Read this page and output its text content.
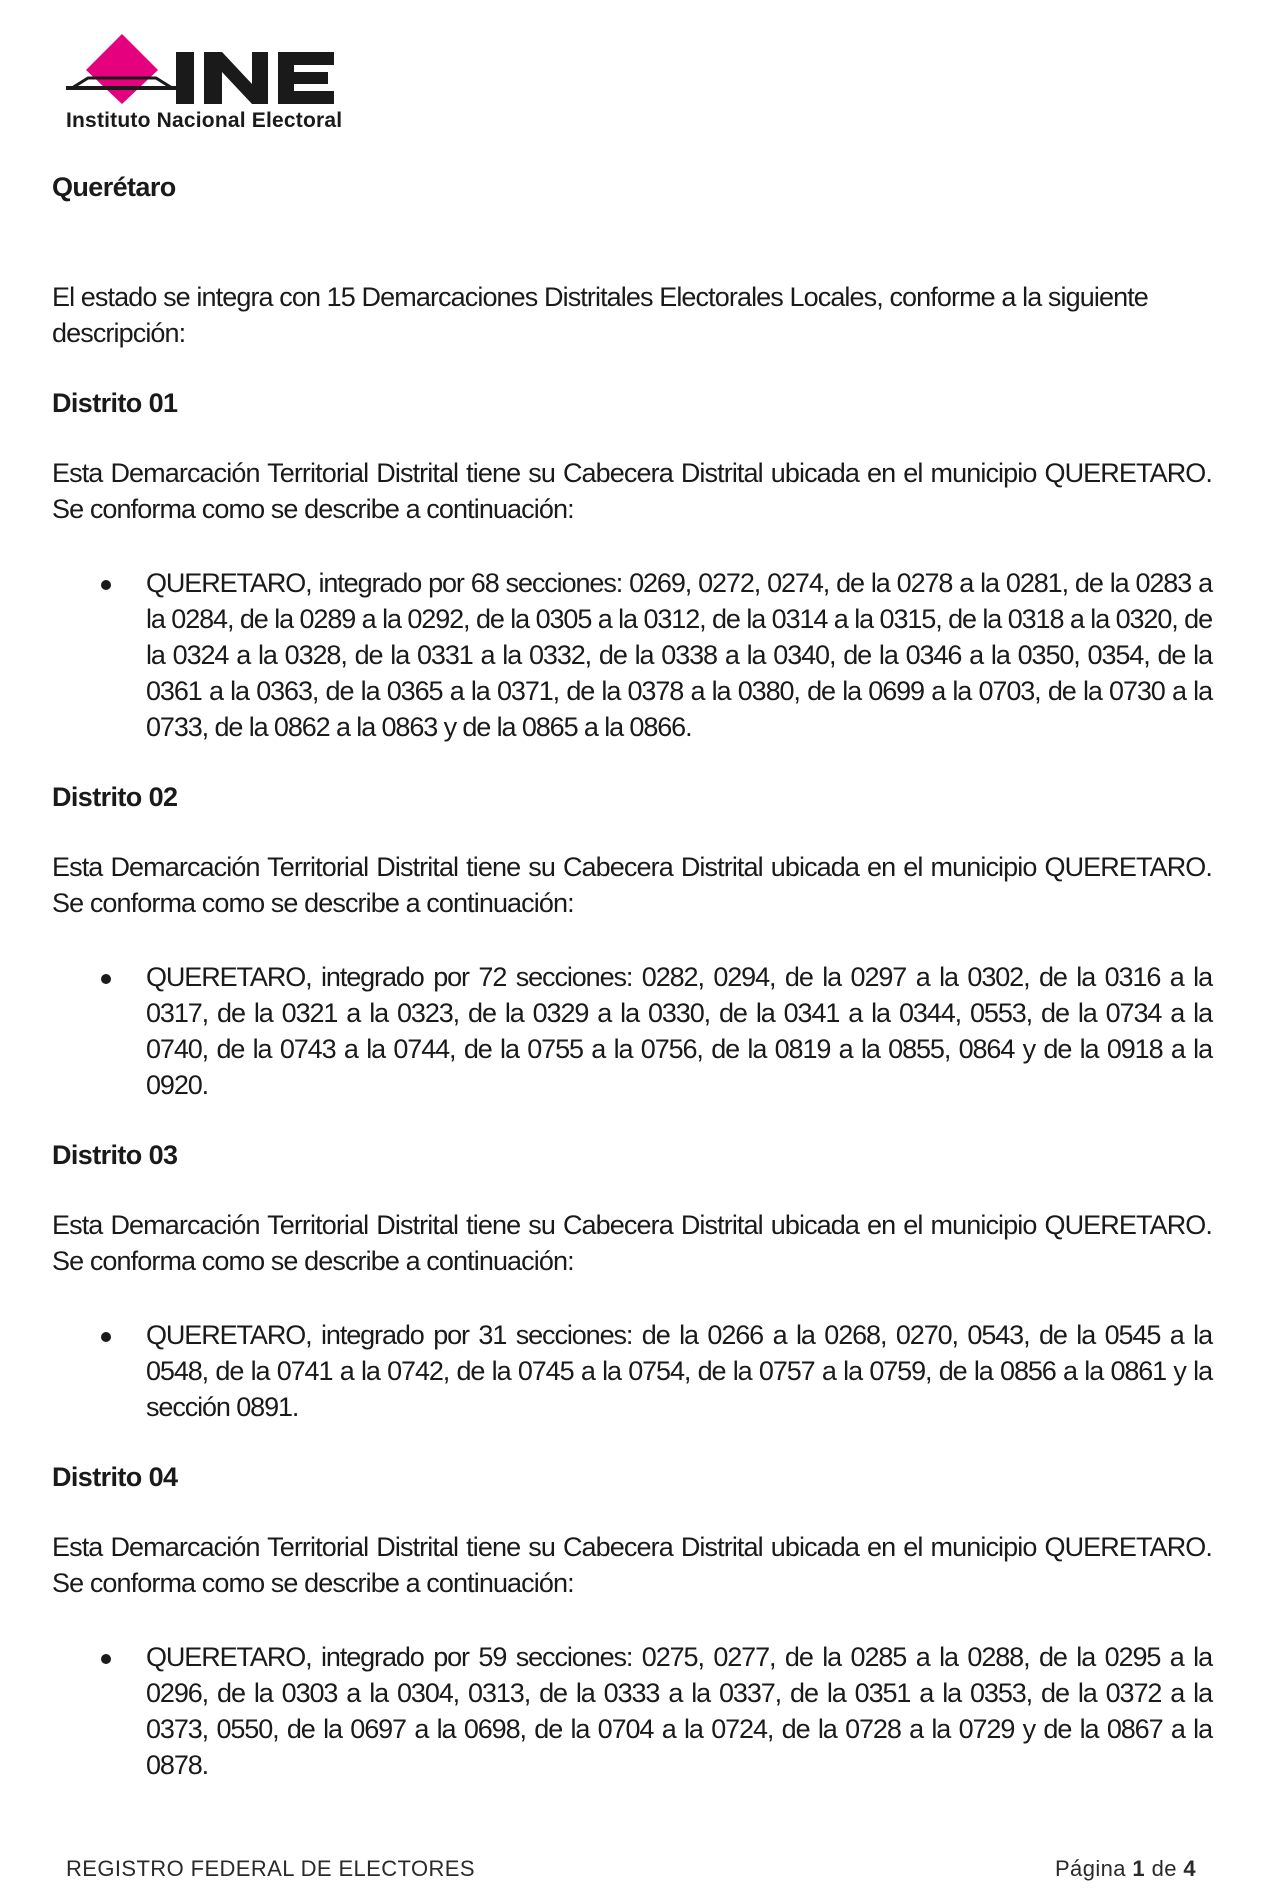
Instituto Nacional Electoral
Querétaro

El estado se integra con 15 Demarcaciones Distritales Electorales Locales, conforme a la siguiente descripción:

Distrito 01

Esta Demarcación Territorial Distrital tiene su Cabecera Distrital ubicada en el municipio QUERETARO. Se conforma como se describe a continuación:

QUERETARO, integrado por 68 secciones: 0269, 0272, 0274, de la 0278 a la 0281, de la 0283 a la 0284, de la 0289 a la 0292, de la 0305 a la 0312, de la 0314 a la 0315, de la 0318 a la 0320, de la 0324 a la 0328, de la 0331 a la 0332, de la 0338 a la 0340, de la 0346 a la 0350, 0354, de la 0361 a la 0363, de la 0365 a la 0371, de la 0378 a la 0380, de la 0699 a la 0703, de la 0730 a la 0733, de la 0862 a la 0863 y de la 0865 a la 0866.
Distrito 02

Esta Demarcación Territorial Distrital tiene su Cabecera Distrital ubicada en el municipio QUERETARO. Se conforma como se describe a continuación:

QUERETARO, integrado por 72 secciones: 0282, 0294, de la 0297 a la 0302, de la 0316 a la 0317, de la 0321 a la 0323, de la 0329 a la 0330, de la 0341 a la 0344, 0553, de la 0734 a la 0740, de la 0743 a la 0744, de la 0755 a la 0756, de la 0819 a la 0855, 0864 y de la 0918 a la 0920.
Distrito 03

Esta Demarcación Territorial Distrital tiene su Cabecera Distrital ubicada en el municipio QUERETARO. Se conforma como se describe a continuación:

QUERETARO, integrado por 31 secciones: de la 0266 a la 0268, 0270, 0543, de la 0545 a la 0548, de la 0741 a la 0742, de la 0745 a la 0754, de la 0757 a la 0759, de la 0856 a la 0861 y la sección 0891.
Distrito 04

Esta Demarcación Territorial Distrital tiene su Cabecera Distrital ubicada en el municipio QUERETARO. Se conforma como se describe a continuación:

QUERETARO, integrado por 59 secciones: 0275, 0277, de la 0285 a la 0288, de la 0295 a la 0296, de la 0303 a la 0304, 0313, de la 0333 a la 0337, de la 0351 a la 0353, de la 0372 a la 0373, 0550, de la 0697 a la 0698, de la 0704 a la 0724, de la 0728 a la 0729 y de la 0867 a la 0878.
REGISTRO FEDERAL DE ELECTORES	Página 1 de 4
